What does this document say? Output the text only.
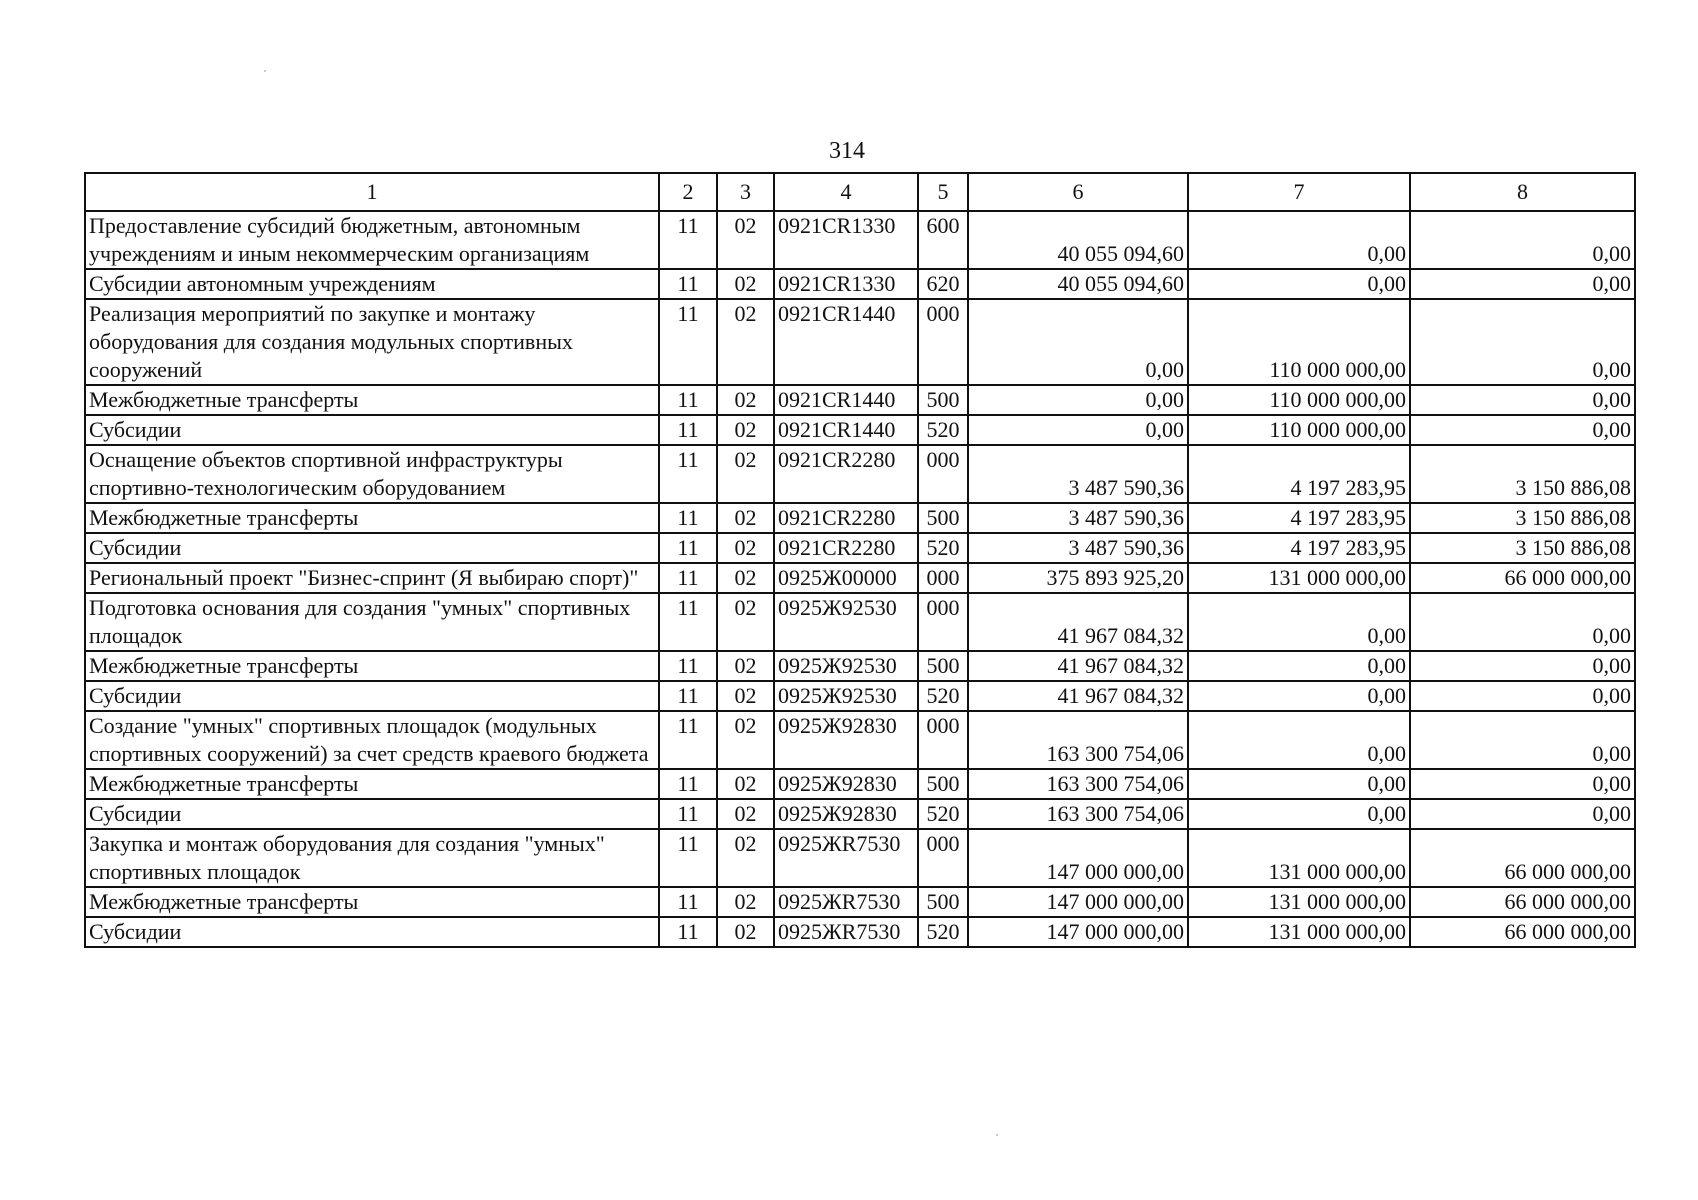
314
1	2	3	4	5	6	7	8
Предоставление субсидий бюджетным, автономным учреждениям и иным некоммерческим организациям	11	02	0921CR1330	600	40 055 094,60	0,00	0,00
Субсидии автономным учреждениям	11	02	0921CR1330	620	40 055 094,60	0,00	0,00
Реализация мероприятий по закупке и монтажу оборудования для создания модульных спортивных сооружений	11	02	0921CR1440	000	0,00	110 000 000,00	0,00
Межбюджетные трансферты	11	02	0921CR1440	500	0,00	110 000 000,00	0,00
Субсидии	11	02	0921CR1440	520	0,00	110 000 000,00	0,00
Оснащение объектов спортивной инфраструктуры спортивно-технологическим оборудованием	11	02	0921CR2280	000	3 487 590,36	4 197 283,95	3 150 886,08
Межбюджетные трансферты	11	02	0921CR2280	500	3 487 590,36	4 197 283,95	3 150 886,08
Субсидии	11	02	0921CR2280	520	3 487 590,36	4 197 283,95	3 150 886,08
Региональный проект "Бизнес-спринт (Я выбираю спорт)"	11	02	0925Ж00000	000	375 893 925,20	131 000 000,00	66 000 000,00
Подготовка основания для создания "умных" спортивных площадок	11	02	0925Ж92530	000	41 967 084,32	0,00	0,00
Межбюджетные трансферты	11	02	0925Ж92530	500	41 967 084,32	0,00	0,00
Субсидии	11	02	0925Ж92530	520	41 967 084,32	0,00	0,00
Создание "умных" спортивных площадок (модульных спортивных сооружений) за счет средств краевого бюджета	11	02	0925Ж92830	000	163 300 754,06	0,00	0,00
Межбюджетные трансферты	11	02	0925Ж92830	500	163 300 754,06	0,00	0,00
Субсидии	11	02	0925Ж92830	520	163 300 754,06	0,00	0,00
Закупка и монтаж оборудования для создания "умных" спортивных площадок	11	02	0925ЖR7530	000	147 000 000,00	131 000 000,00	66 000 000,00
Межбюджетные трансферты	11	02	0925ЖR7530	500	147 000 000,00	131 000 000,00	66 000 000,00
Субсидии	11	02	0925ЖR7530	520	147 000 000,00	131 000 000,00	66 000 000,00
